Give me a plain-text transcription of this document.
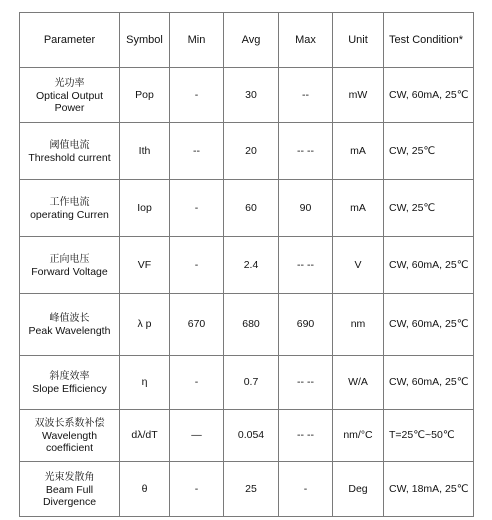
Parameter	Symbol	Min	Avg	Max	Unit	Test Condition*

光功率
Optical Output Power	Pop	-	30	--	mW	CW, 60mA, 25℃

阈值电流
Threshold current	Ith	--	20	-- --	mA	CW, 25℃

工作电流
operating Curren	Iop	-	60	90	mA	CW, 25℃

正向电压
Forward Voltage	VF	-	2.4	-- --	V	CW, 60mA, 25℃

峰值波长
Peak Wavelength	λ p	670	680	690	nm	CW, 60mA, 25℃

斜度效率
Slope Efficiency	η	-	0.7	-- --	W/A	CW, 60mA, 25℃

双波长系数补偿
Wavelength coefficient	dλ/dT	—	0.054	-- --	nm/°C	T=25℃~50℃

光束发散角
Beam Full Divergence	θ	-	25	-	Deg	CW, 18mA, 25℃
